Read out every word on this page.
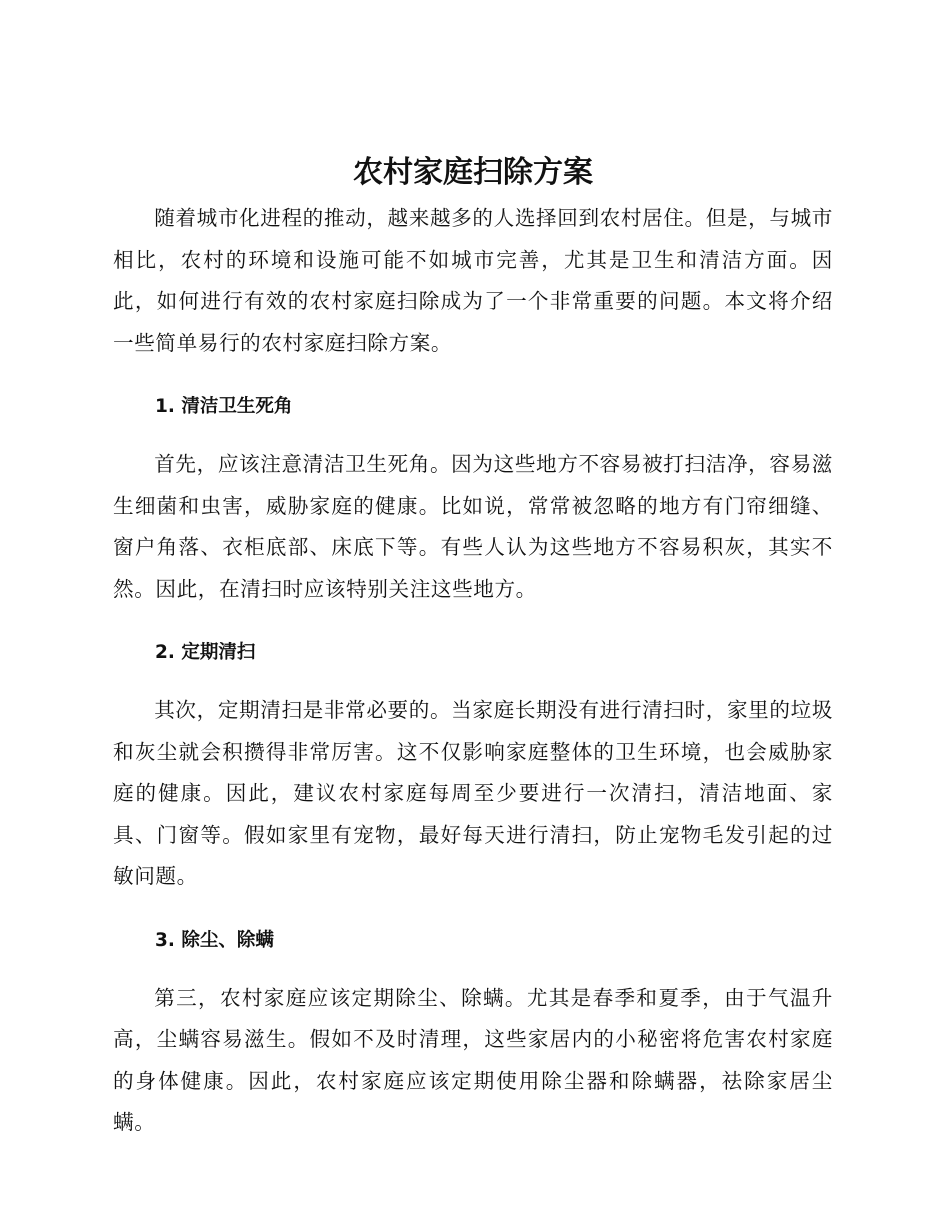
农村家庭扫除方案

随着城市化进程的推动，越来越多的人选择回到农村居住。但是，与城市相比，农村的环境和设施可能不如城市完善，尤其是卫生和清洁方面。因此，如何进行有效的农村家庭扫除成为了一个非常重要的问题。本文将介绍一些简单易行的农村家庭扫除方案。

1. 清洁卫生死角

首先，应该注意清洁卫生死角。因为这些地方不容易被打扫洁净，容易滋生细菌和虫害，威胁家庭的健康。比如说，常常被忽略的地方有门帘细缝、窗户角落、衣柜底部、床底下等。有些人认为这些地方不容易积灰，其实不然。因此，在清扫时应该特别关注这些地方。

2. 定期清扫

其次，定期清扫是非常必要的。当家庭长期没有进行清扫时，家里的垃圾和灰尘就会积攒得非常厉害。这不仅影响家庭整体的卫生环境，也会威胁家庭的健康。因此，建议农村家庭每周至少要进行一次清扫，清洁地面、家具、门窗等。假如家里有宠物，最好每天进行清扫，防止宠物毛发引起的过敏问题。

3. 除尘、除螨

第三，农村家庭应该定期除尘、除螨。尤其是春季和夏季，由于气温升高，尘螨容易滋生。假如不及时清理，这些家居内的小秘密将危害农村家庭的身体健康。因此，农村家庭应该定期使用除尘器和除螨器，祛除家居尘螨。
